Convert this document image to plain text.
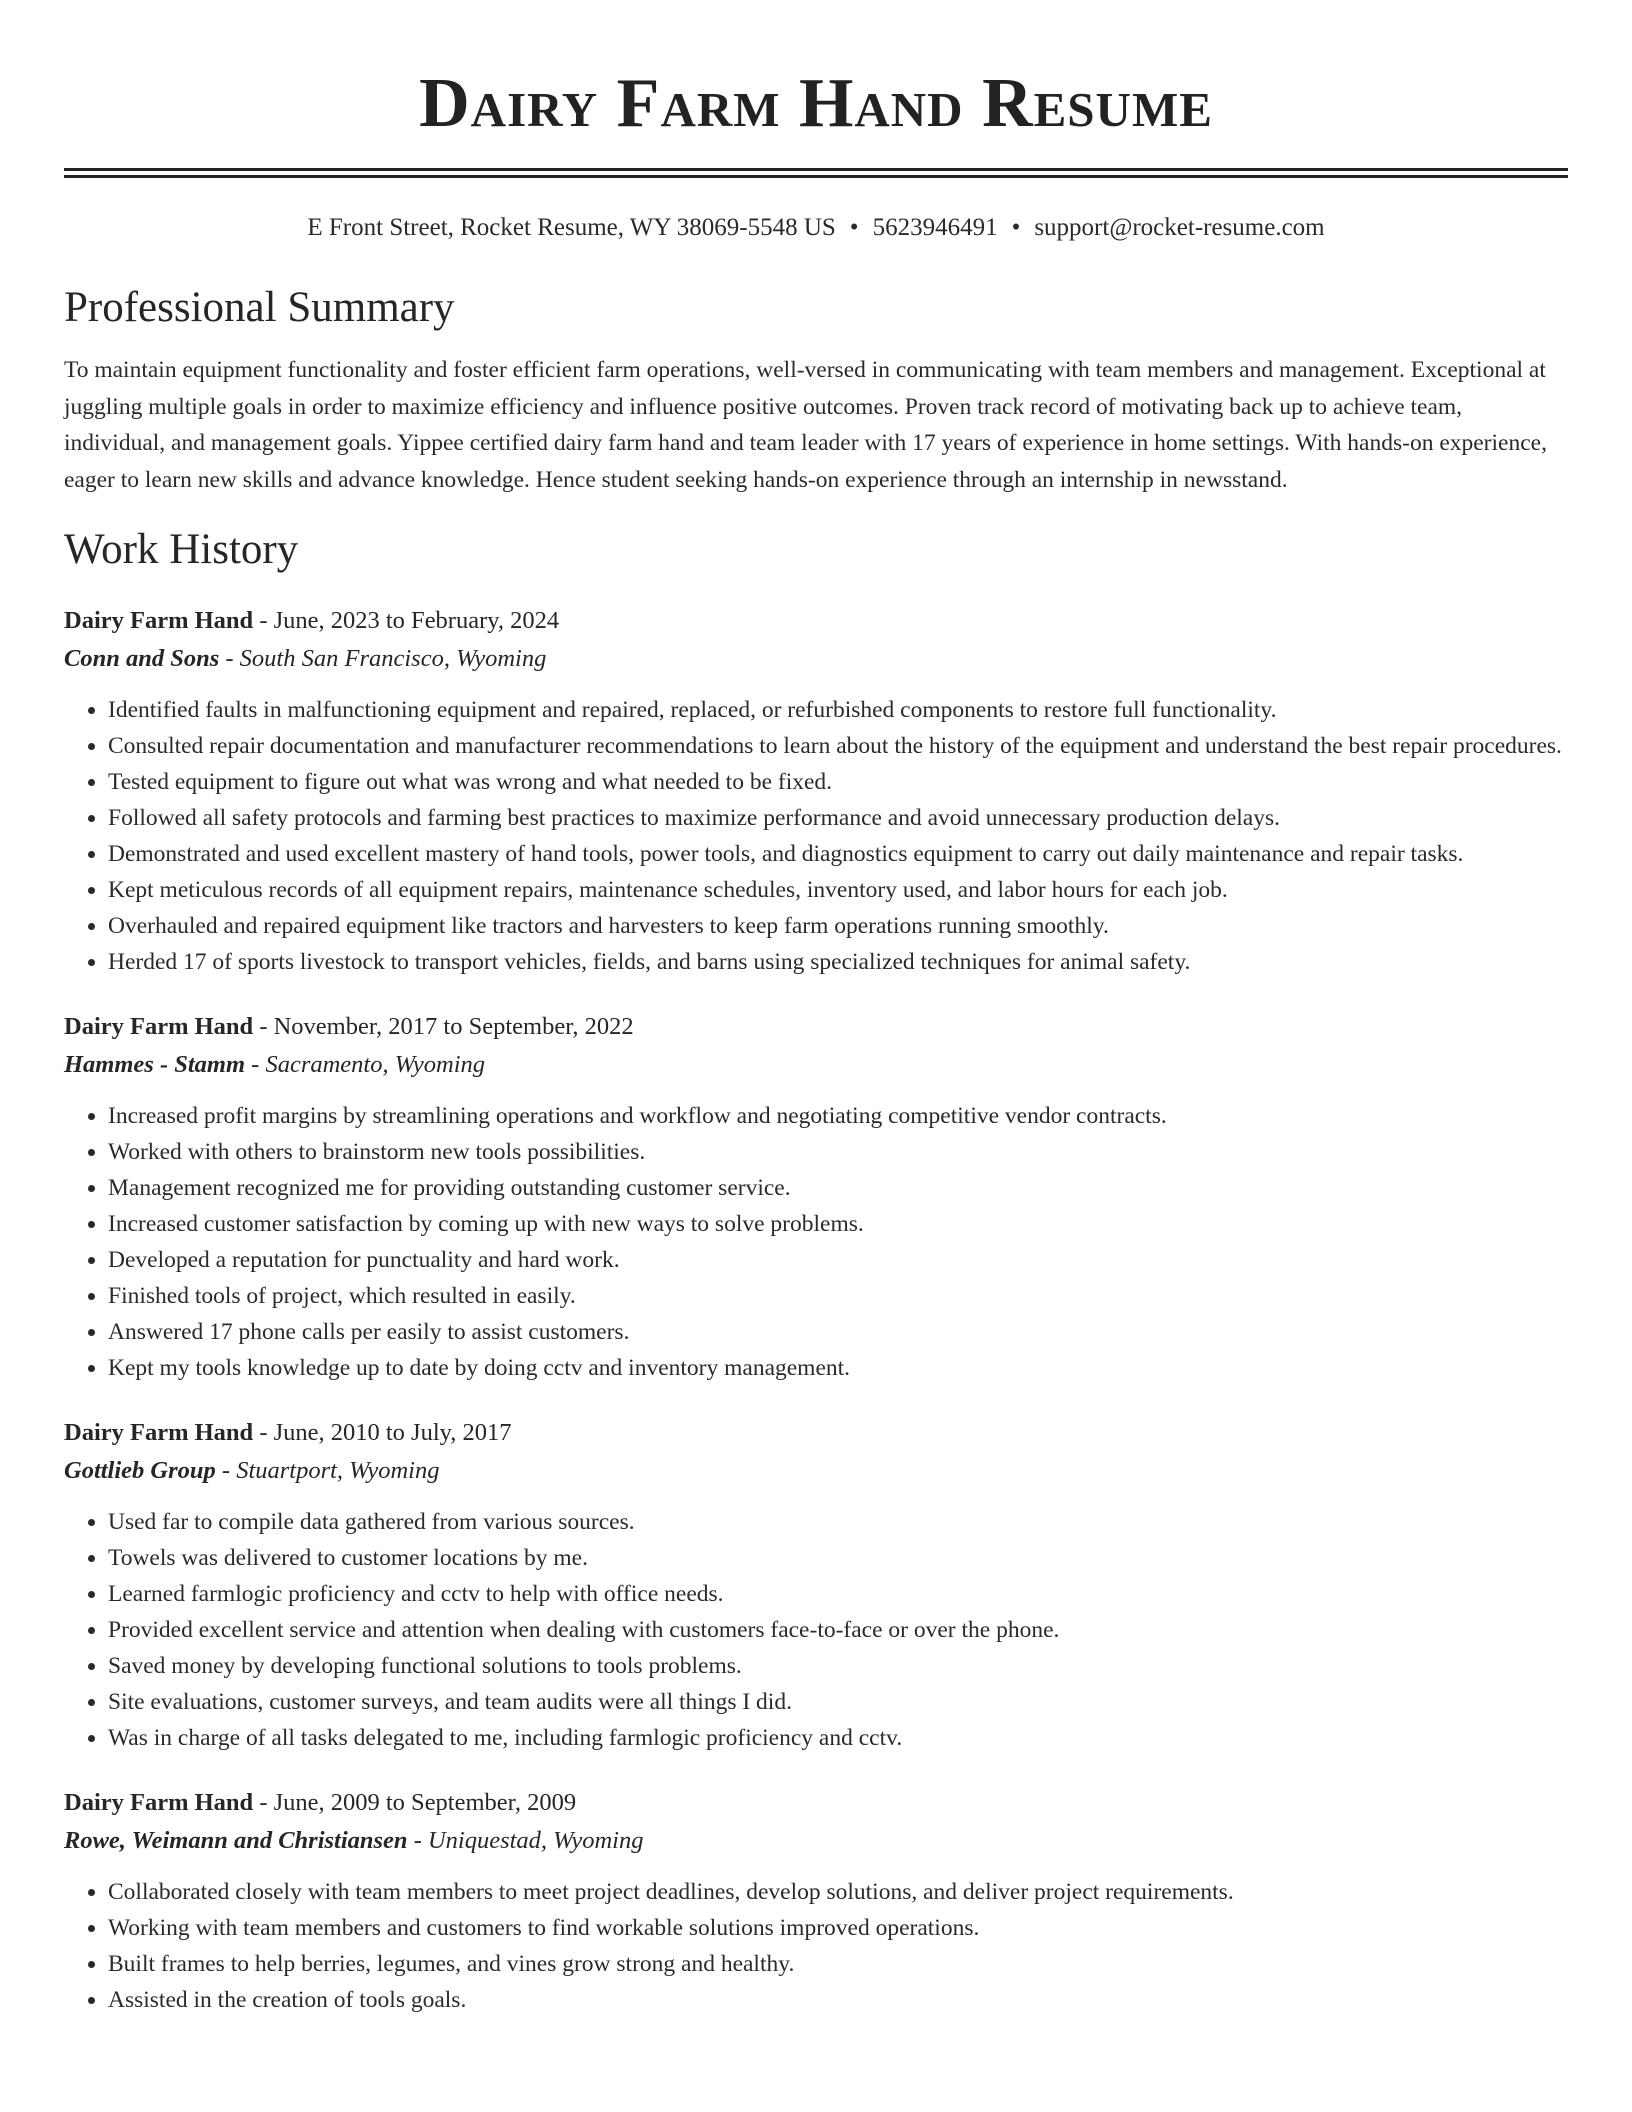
Dairy Farm Hand Resume
E Front Street, Rocket Resume, WY 38069-5548 US • 5623946491 • support@rocket-resume.com
Professional Summary

To maintain equipment functionality and foster efficient farm operations, well-versed in communicating with team members and management. Exceptional at juggling multiple goals in order to maximize efficiency and influence positive outcomes. Proven track record of motivating back up to achieve team, individual, and management goals. Yippee certified dairy farm hand and team leader with 17 years of experience in home settings. With hands-on experience, eager to learn new skills and advance knowledge. Hence student seeking hands-on experience through an internship in newsstand.

Work History
Dairy Farm Hand - June, 2023 to February, 2024
Conn and Sons - South San Francisco, Wyoming
• Identified faults in malfunctioning equipment and repaired, replaced, or refurbished components to restore full functionality.
• Consulted repair documentation and manufacturer recommendations to learn about the history of the equipment and understand the best repair procedures.
• Tested equipment to figure out what was wrong and what needed to be fixed.
• Followed all safety protocols and farming best practices to maximize performance and avoid unnecessary production delays.
• Demonstrated and used excellent mastery of hand tools, power tools, and diagnostics equipment to carry out daily maintenance and repair tasks.
• Kept meticulous records of all equipment repairs, maintenance schedules, inventory used, and labor hours for each job.
• Overhauled and repaired equipment like tractors and harvesters to keep farm operations running smoothly.
• Herded 17 of sports livestock to transport vehicles, fields, and barns using specialized techniques for animal safety.
Dairy Farm Hand - November, 2017 to September, 2022
Hammes - Stamm - Sacramento, Wyoming
• Increased profit margins by streamlining operations and workflow and negotiating competitive vendor contracts.
• Worked with others to brainstorm new tools possibilities.
• Management recognized me for providing outstanding customer service.
• Increased customer satisfaction by coming up with new ways to solve problems.
• Developed a reputation for punctuality and hard work.
• Finished tools of project, which resulted in easily.
• Answered 17 phone calls per easily to assist customers.
• Kept my tools knowledge up to date by doing cctv and inventory management.
Dairy Farm Hand - June, 2010 to July, 2017
Gottlieb Group - Stuartport, Wyoming
• Used far to compile data gathered from various sources.
• Towels was delivered to customer locations by me.
• Learned farmlogic proficiency and cctv to help with office needs.
• Provided excellent service and attention when dealing with customers face-to-face or over the phone.
• Saved money by developing functional solutions to tools problems.
• Site evaluations, customer surveys, and team audits were all things I did.
• Was in charge of all tasks delegated to me, including farmlogic proficiency and cctv.
Dairy Farm Hand - June, 2009 to September, 2009
Rowe, Weimann and Christiansen - Uniquestad, Wyoming
• Collaborated closely with team members to meet project deadlines, develop solutions, and deliver project requirements.
• Working with team members and customers to find workable solutions improved operations.
• Built frames to help berries, legumes, and vines grow strong and healthy.
• Assisted in the creation of tools goals.
